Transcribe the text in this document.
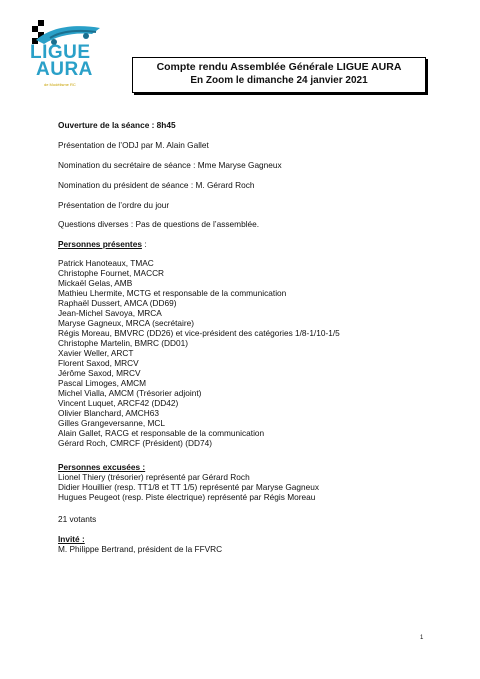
LIGUE
AURA
de Modélisme RC
Compte rendu Assemblée Générale LIGUE AURA
En Zoom le dimanche 24 janvier 2021
Ouverture de la séance : 8h45
Présentation de l’ODJ par M. Alain Gallet
Nomination du secrétaire de séance : Mme Maryse Gagneux
Nomination du président de séance : M. Gérard Roch
Présentation de l’ordre du jour
Questions diverses : Pas de questions de l’assemblée.
Personnes présentes :
Patrick Hanoteaux, TMAC
Christophe Fournet, MACCR
Mickaël Gelas, AMB
Mathieu Lhermite, MCTG et responsable de la communication
Raphaël Dussert, AMCA (DD69)
Jean-Michel Savoya, MRCA
Maryse Gagneux, MRCA (secrétaire)
Régis Moreau, BMVRC (DD26) et vice-président des catégories 1/8-1/10-1/5
Christophe Martelin, BMRC (DD01)
Xavier Weller, ARCT
Florent Saxod, MRCV
Jérôme Saxod, MRCV
Pascal Limoges, AMCM
Michel Vialla, AMCM (Trésorier adjoint)
Vincent Luquet, ARCF42 (DD42)
Olivier Blanchard, AMCH63
Gilles Grangeversanne, MCL
Alain Gallet, RACG et responsable de la communication
Gérard Roch, CMRCF (Président) (DD74)
Personnes excusées :
Lionel Thiery (trésorier) représenté par Gérard Roch
Didier Houillier (resp. TT1/8 et TT 1/5) représenté par Maryse Gagneux
Hugues Peugeot (resp. Piste électrique) représenté par Régis Moreau
21 votants
Invité :
M. Philippe Bertrand, président de la FFVRC
1
